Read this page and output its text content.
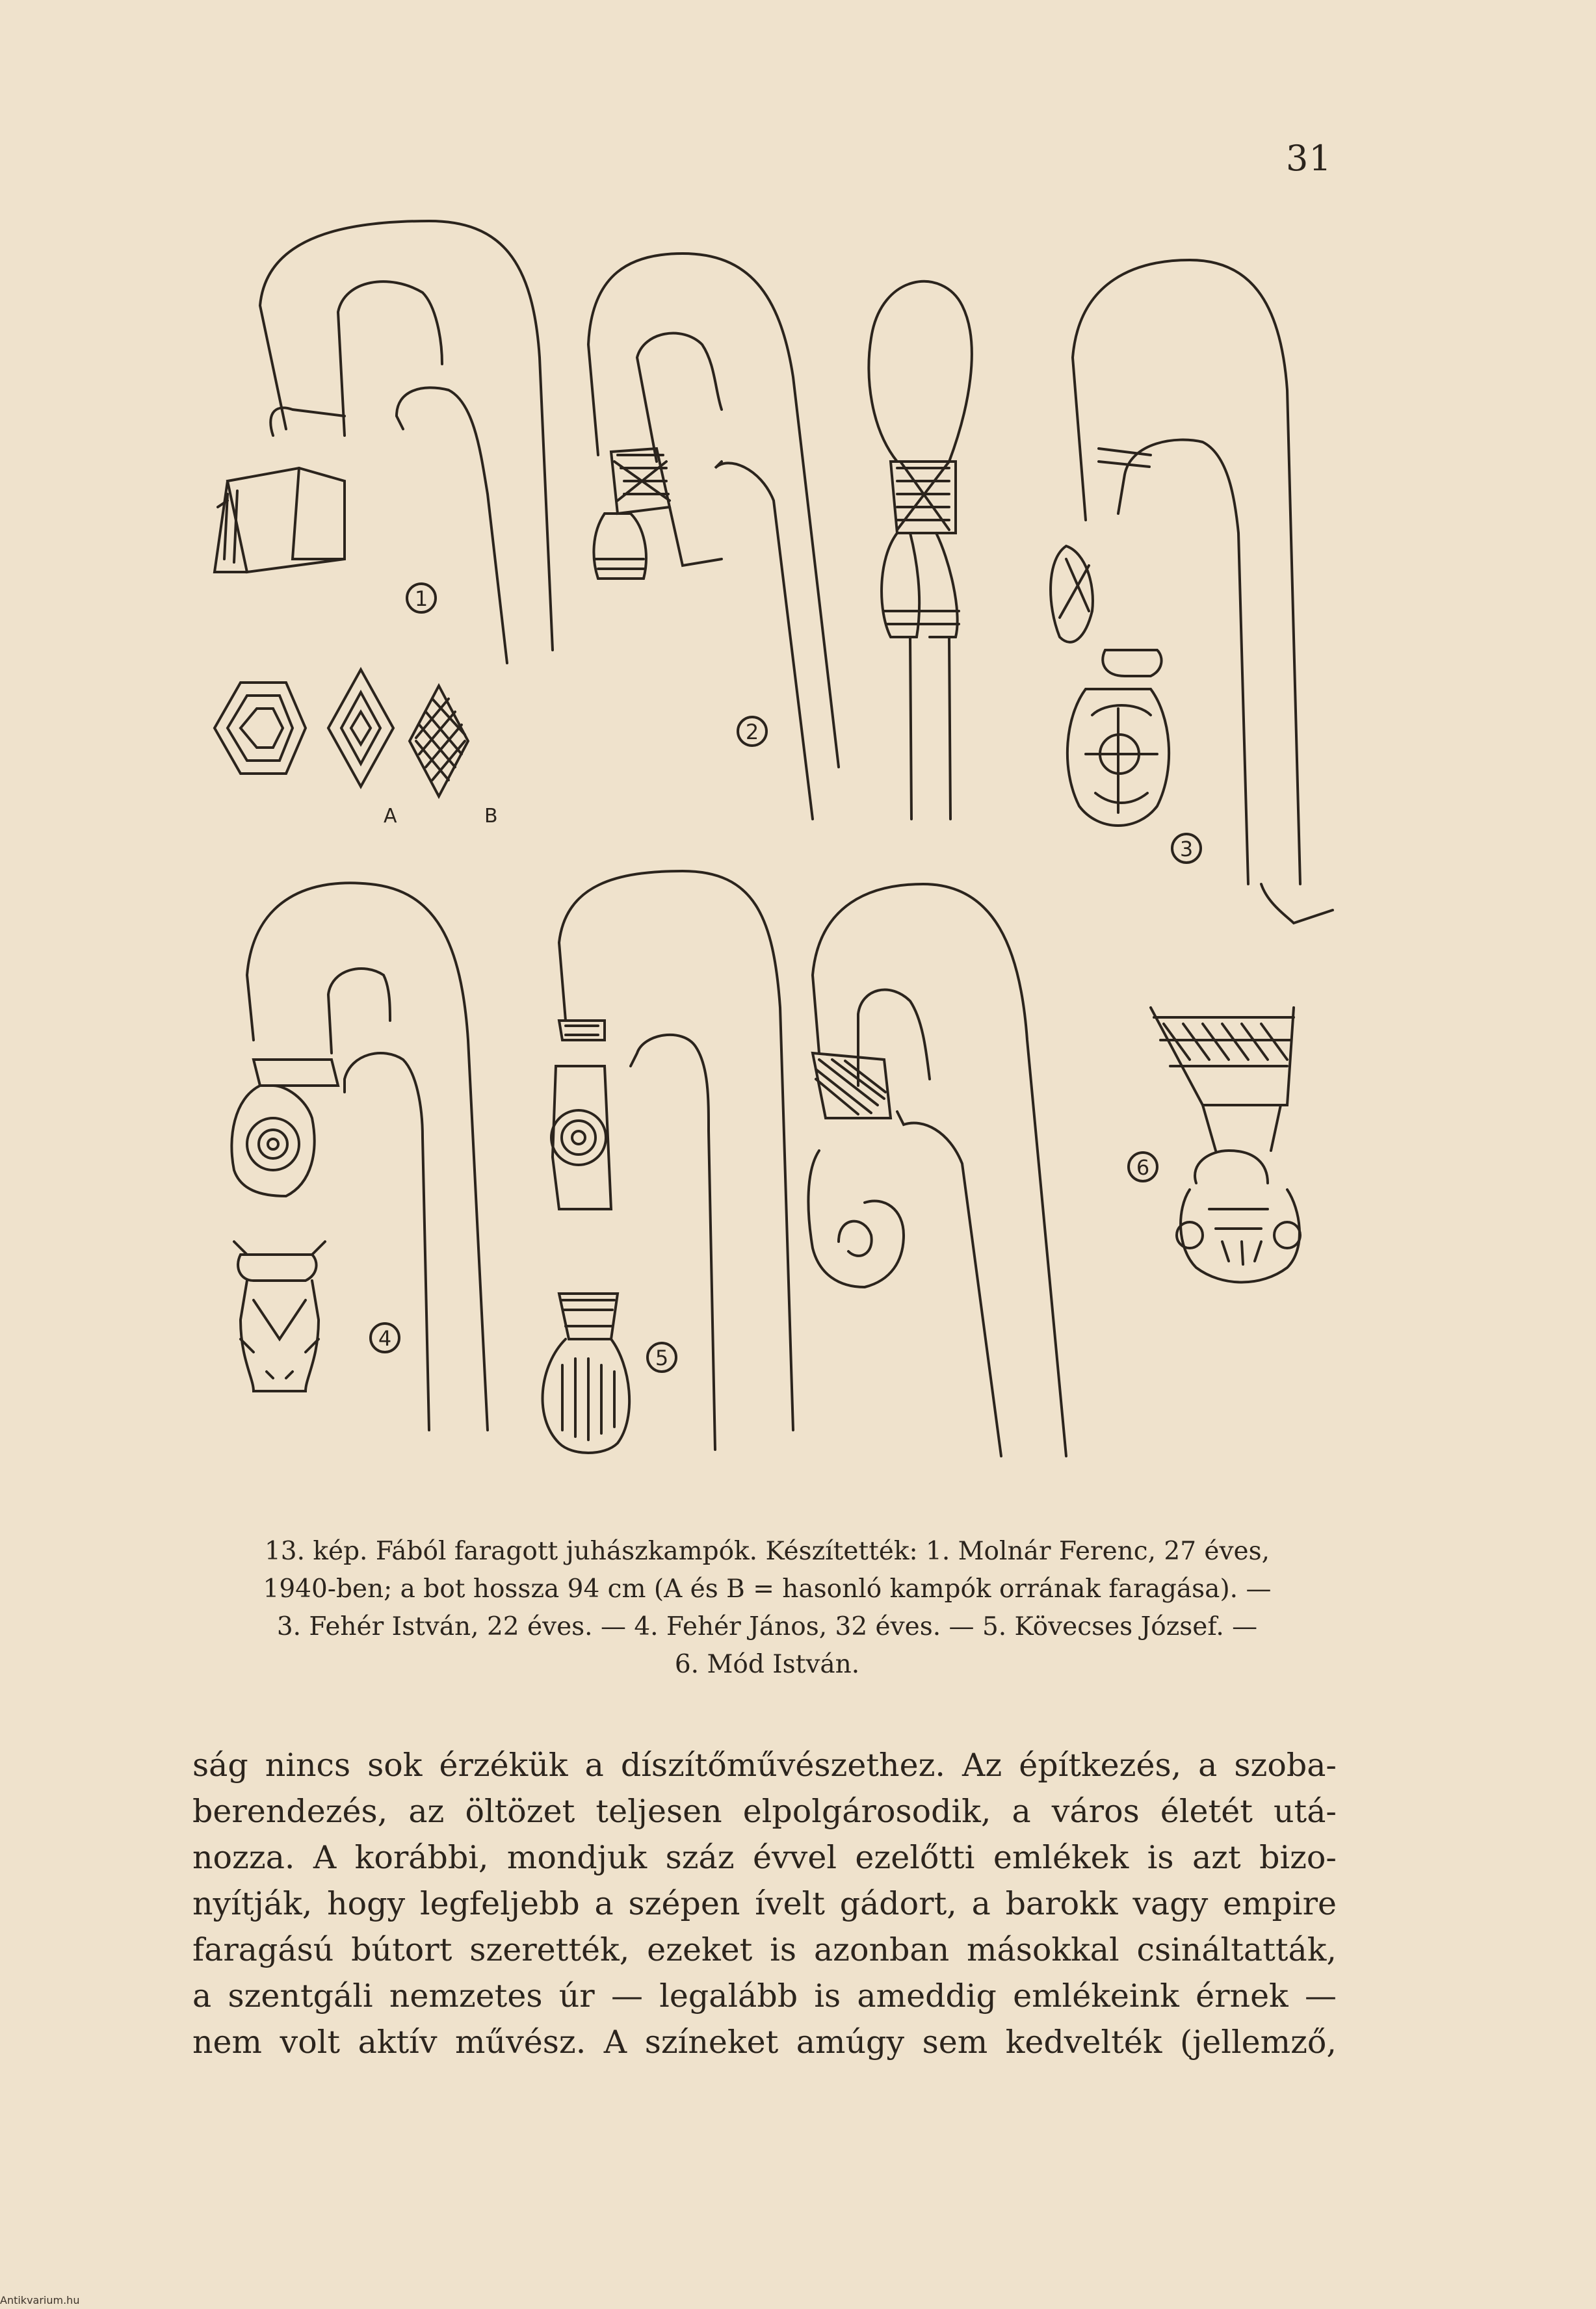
31
1
A	B
2
3
4
5
6
13. kép. Fából faragott juhászkampók. Készítették: 1. Molnár Ferenc, 27 éves,
1940-ben; a bot hossza 94 cm (A és B = hasonló kampók orrának faragása). —
3. Fehér István, 22 éves. — 4. Fehér János, 32 éves. — 5. Kövecses József. —
6. Mód István.
ság nincs sok érzékük a díszítőművészethez. Az építkezés, a szoba-
berendezés, az öltözet teljesen elpolgárosodik, a város életét utá-
nozza. A korábbi, mondjuk száz évvel ezelőtti emlékek is azt bizo-
nyítják, hogy legfeljebb a szépen ívelt gádort, a barokk vagy empire
faragású bútort szerették, ezeket is azonban másokkal csináltatták,
a szentgáli nemzetes úr — legalább is ameddig emlékeink érnek —
nem volt aktív művész. A színeket amúgy sem kedvelték (jellemző,
Antikvarium.hu
